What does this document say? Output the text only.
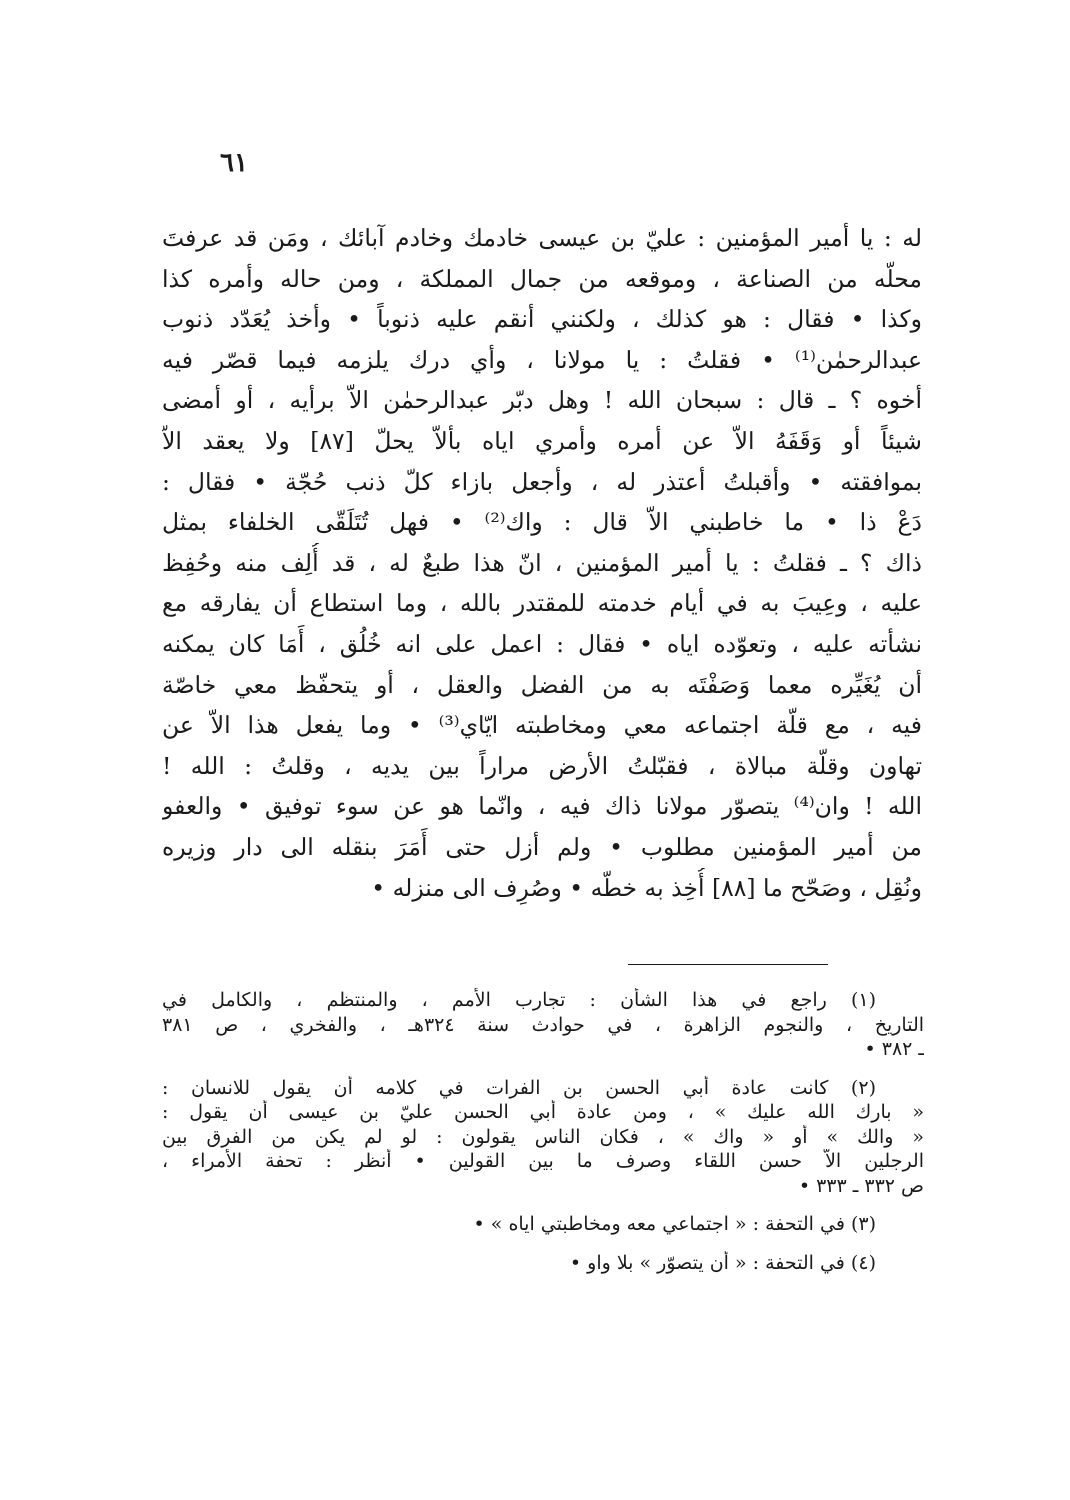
٦١
له : يا أمير المؤمنين : عليّ بن عيسى خادمك وخادم آبائك ، ومَن قد عرفتَ
محلّه من الصناعة ، وموقعه من جمال المملكة ، ومن حاله وأمره كذا
وكذا • فقال : هو كذلك ، ولكنني أنقم عليه ذنوباً • وأخذ يُعَدّد ذنوب
عبدالرحمٰن⁽¹⁾ • فقلتُ : يا مولانا ، وأي درك يلزمه فيما قصّر فيه
أخوه ؟ ـ قال : سبحان الله ! وهل دبّر عبدالرحمٰن الاّ برأيه ، أو أمضى
شيئاً أو وَقَفَهُ الاّ عن أمره وأمري اياه بألاّ يحلّ [٨٧] ولا يعقد الاّ
بموافقته • وأقبلتُ أعتذر له ، وأجعل بازاء كلّ ذنب حُجّة • فقال :
دَعْ ذا • ما خاطبني الاّ قال : واك⁽²⁾ • فهل تُتَلَقّى الخلفاء بمثل
ذاك ؟ ـ فقلتُ : يا أمير المؤمنين ، انّ هذا طبعٌ له ، قد أُلِف منه وحُفِظ
عليه ، وعِيبَ به في أيام خدمته للمقتدر بالله ، وما استطاع أن يفارقه مع
نشأته عليه ، وتعوّده اياه • فقال : اعمل على انه خُلُق ، أَمَا كان يمكنه
أن يُغَيِّره معما وَصَفْتَه به من الفضل والعقل ، أو يتحفّظ معي خاصّة
فيه ، مع قلّة اجتماعه معي ومخاطبته ايّاي⁽³⁾ • وما يفعل هذا الاّ عن
تهاون وقلّة مبالاة ، فقبّلتُ الأرض مراراً بين يديه ، وقلتُ : الله !
الله ! وان⁽⁴⁾ يتصوّر مولانا ذاك فيه ، وانّما هو عن سوء توفيق • والعفو
من أمير المؤمنين مطلوب • ولم أزل حتى أَمَرَ بنقله الى دار وزيره
ونُقِل ، وصَحّح ما [٨٨] أُخِذ به خطّه • وصُرِف الى منزله •
(١) راجع في هذا الشأن : تجارب الأمم ، والمنتظم ، والكامل في
التاريخ ، والنجوم الزاهرة ، في حوادث سنة ٣٢٤هـ ، والفخري ، ص ٣٨١
ـ ٣٨٢ •
(٢) كانت عادة أبي الحسن بن الفرات في كلامه أن يقول للانسان :
« بارك الله عليك » ، ومن عادة أبي الحسن عليّ بن عيسى أن يقول :
« والك » أو « واك » ، فكان الناس يقولون : لو لم يكن من الفرق بين
الرجلين الاّ حسن اللقاء وصرف ما بين القولين • أنظر : تحفة الأمراء ،
ص ٣٣٢ ـ ٣٣٣ •
(٣) في التحفة : « اجتماعي معه ومخاطبتي اياه » •
(٤) في التحفة : « أن يتصوّر » بلا واو •
